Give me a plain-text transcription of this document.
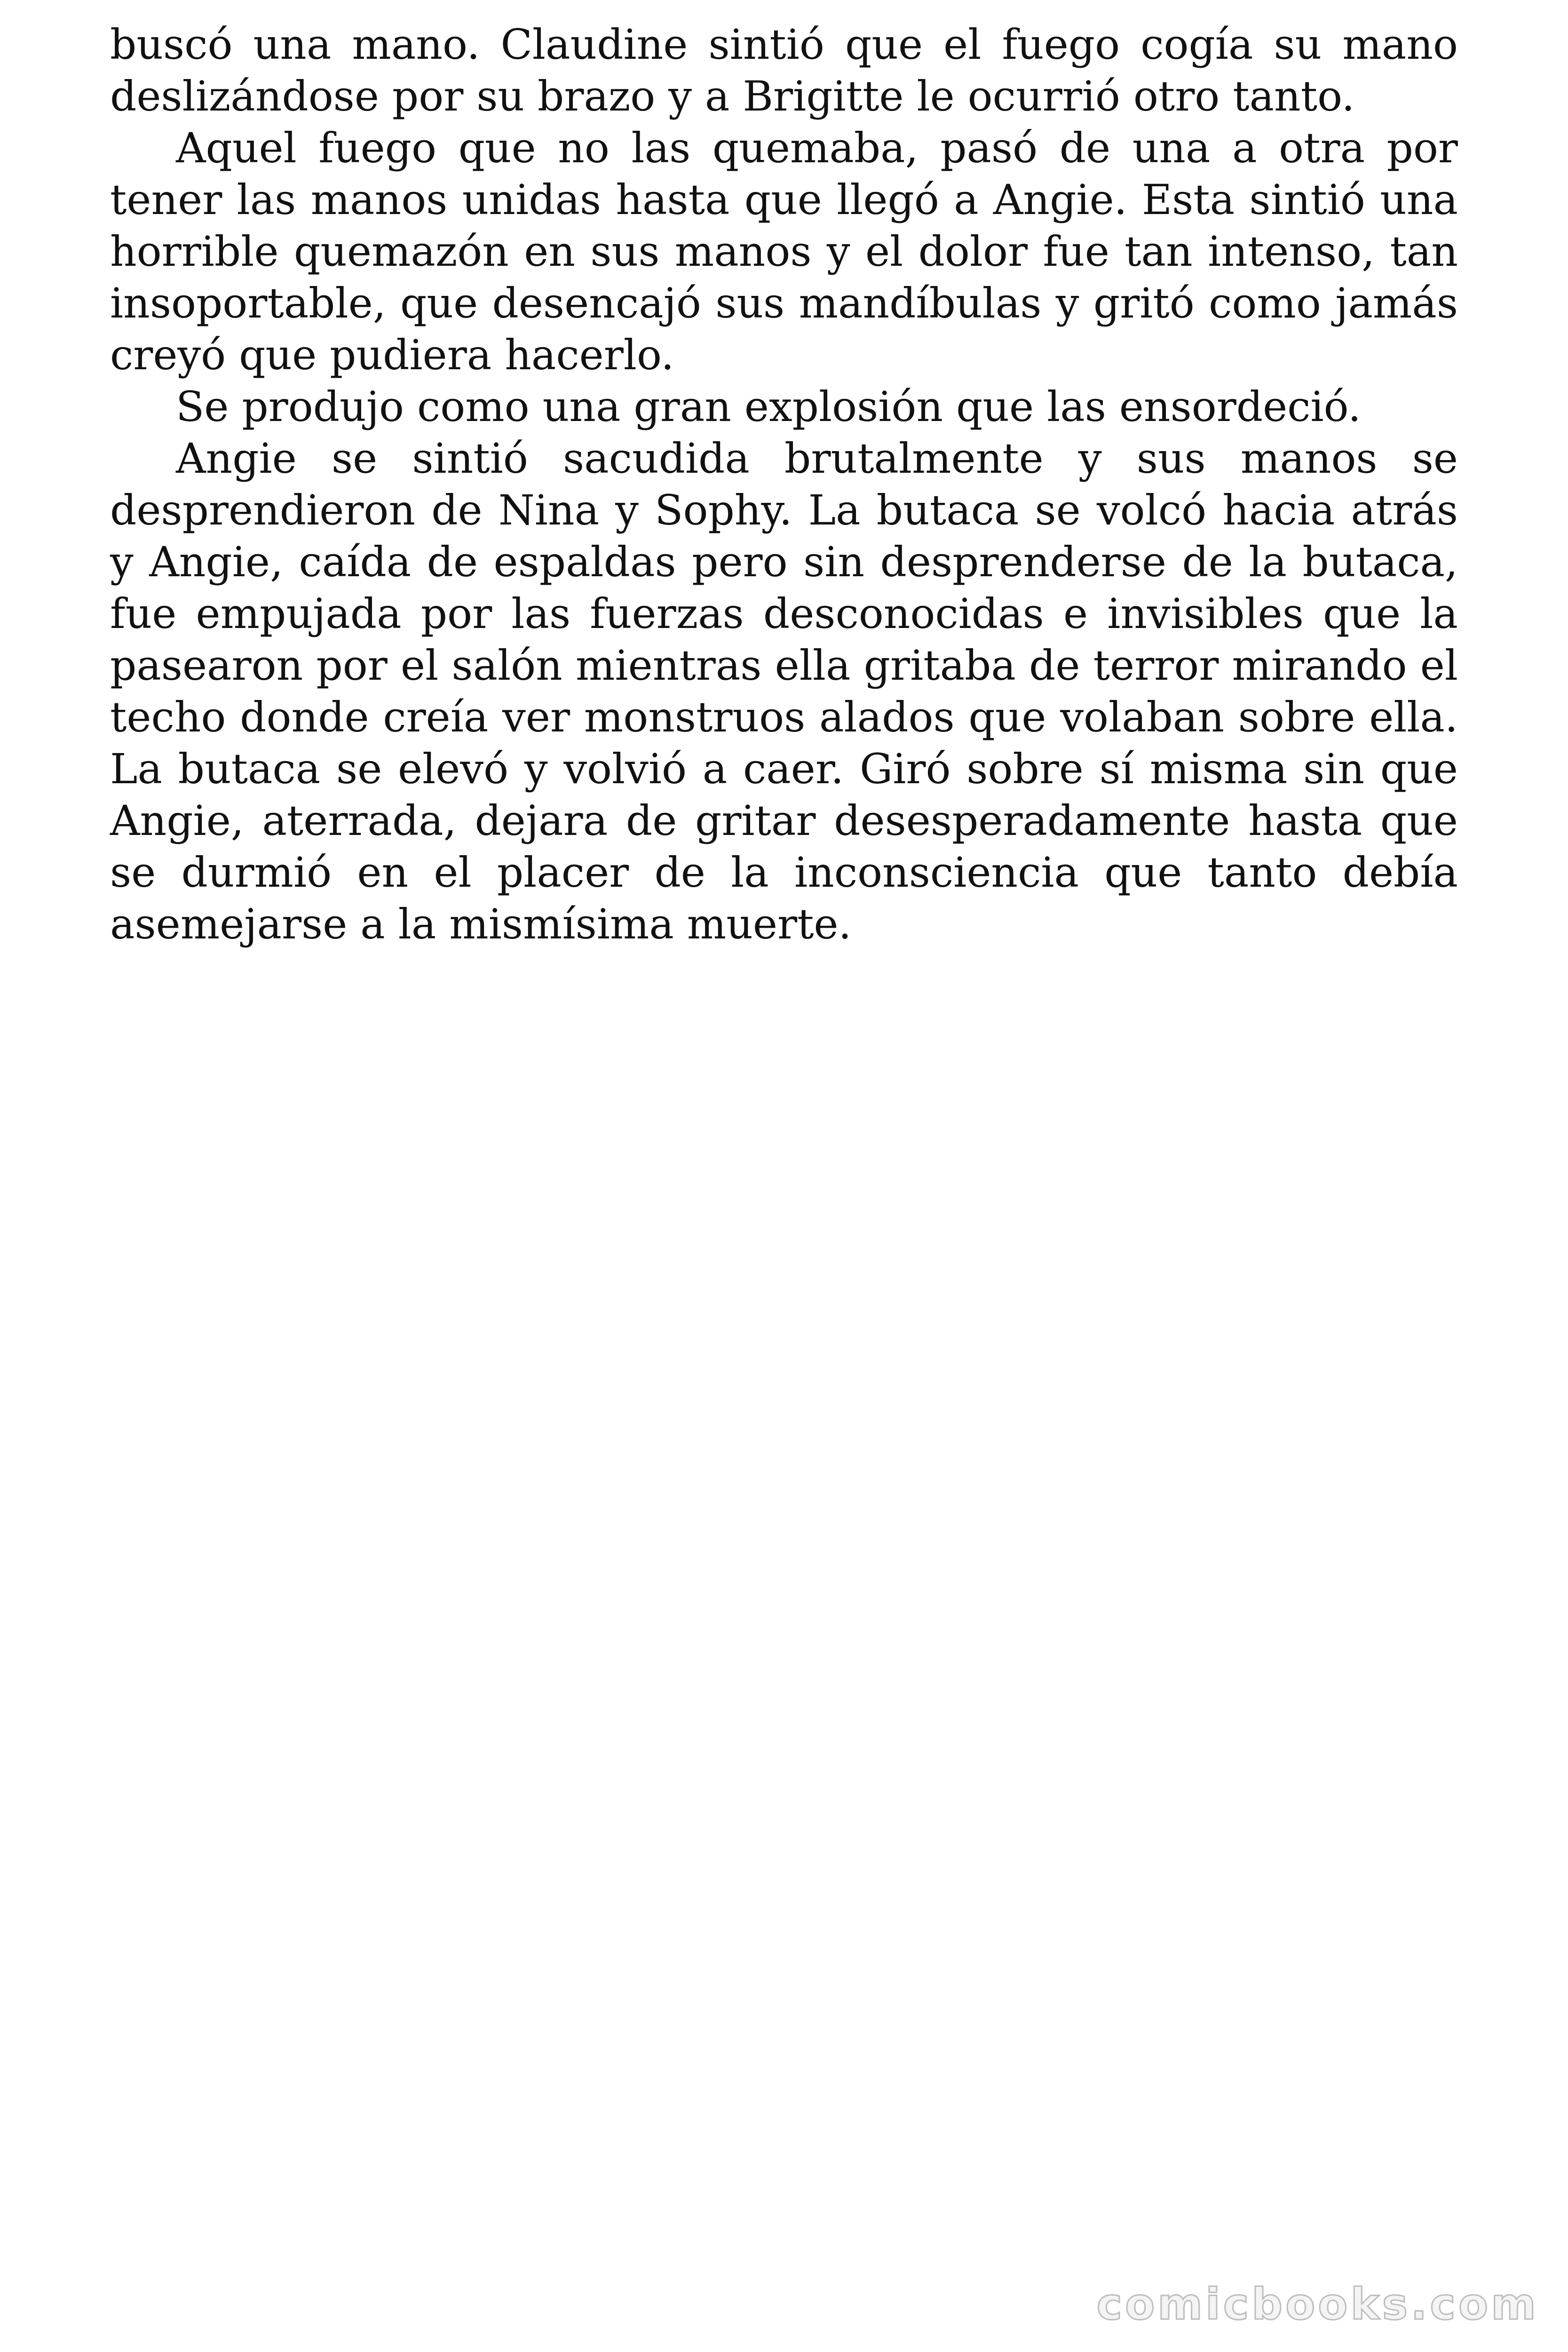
buscó una mano. Claudine sintió que el fuego cogía su mano deslizándose por su brazo y a Brigitte le ocurrió otro tanto.

Aquel fuego que no las quemaba, pasó de una a otra por tener las manos unidas hasta que llegó a Angie. Esta sintió una horrible quemazón en sus manos y el dolor fue tan intenso, tan insoportable, que desencajó sus mandíbulas y gritó como jamás creyó que pudiera hacerlo.

Se produjo como una gran explosión que las ensordeció.

Angie se sintió sacudida brutalmente y sus manos se desprendieron de Nina y Sophy. La butaca se volcó hacia atrás y Angie, caída de espaldas pero sin desprenderse de la butaca, fue empujada por las fuerzas desconocidas e invisibles que la pasearon por el salón mientras ella gritaba de terror mirando el techo donde creía ver monstruos alados que volaban sobre ella. La butaca se elevó y volvió a caer. Giró sobre sí misma sin que Angie, aterrada, dejara de gritar desesperadamente hasta que se durmió en el placer de la inconsciencia que tanto debía asemejarse a la mismísima muerte.

comicbooks.com
